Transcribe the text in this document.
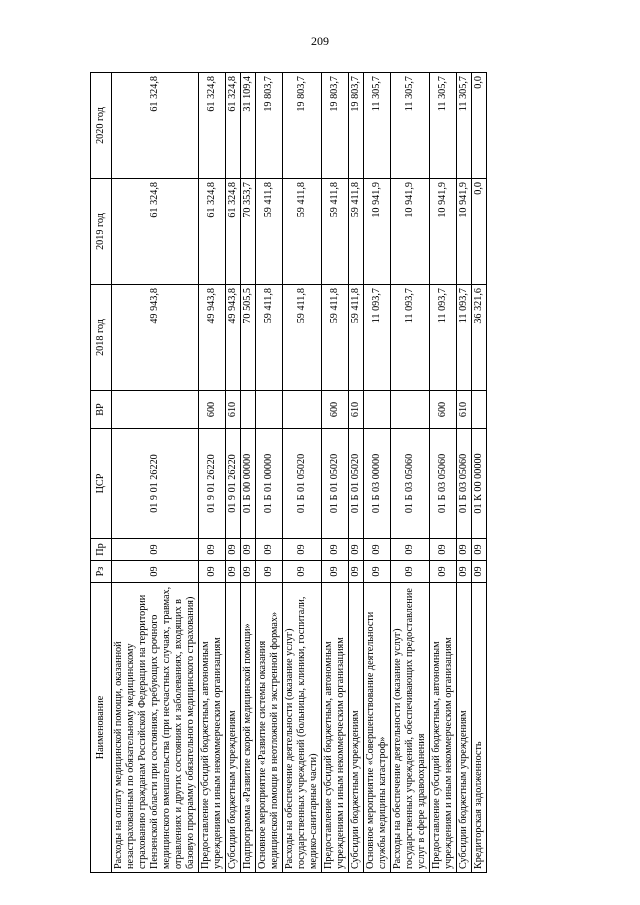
209
Наименование	Рз	Пр	ЦСР	ВР	2018 год	2019 год	2020 год
Расходы на оплату медицинской помощи, оказанной незастрахованным по обязательному медицинскому страхованию гражданам Российской Федерации на территории Пензенской области при состояниях, требующих срочного медицинского вмешательства (при несчастных случаях, травмах, отравлениях и других состояниях и заболеваниях, входящих в базовую программу обязательного медицинского страхования)	09	09	01 9 01 26220		49 943,8	61 324,8	61 324,8
Предоставление субсидий бюджетным, автономным учреждениям и иным некоммерческим организациям	09	09	01 9 01 26220	600	49 943,8	61 324,8	61 324,8
Субсидии бюджетным учреждениям	09	09	01 9 01 26220	610	49 943,8	61 324,8	61 324,8
Подпрограмма «Развитие скорой медицинской помощи»	09	09	01 Б 00 00000		70 505,5	70 353,7	31 109,4
Основное мероприятие «Развитие системы оказания медицинской помощи в неотложной и экстренной формах»	09	09	01 Б 01 00000		59 411,8	59 411,8	19 803,7
Расходы на обеспечение деятельности (оказание услуг) государственных учреждений (больницы, клиники, госпитали, медико-санитарные части)	09	09	01 Б 01 05020		59 411,8	59 411,8	19 803,7
Предоставление субсидий бюджетным, автономным учреждениям и иным некоммерческим организациям	09	09	01 Б 01 05020	600	59 411,8	59 411,8	19 803,7
Субсидии бюджетным учреждениям	09	09	01 Б 01 05020	610	59 411,8	59 411,8	19 803,7
Основное мероприятие «Совершенствование деятельности службы медицины катастроф»	09	09	01 Б 03 00000		11 093,7	10 941,9	11 305,7
Расходы на обеспечение деятельности (оказание услуг) государственных учреждений, обеспечивающих предоставление услуг в сфере здравоохранения	09	09	01 Б 03 05060		11 093,7	10 941,9	11 305,7
Предоставление субсидий бюджетным, автономным учреждениям и иным некоммерческим организациям	09	09	01 Б 03 05060	600	11 093,7	10 941,9	11 305,7
Субсидии бюджетным учреждениям	09	09	01 Б 03 05060	610	11 093,7	10 941,9	11 305,7
Кредиторская задолженность	09	09	01 К 00 00000		36 321,6	0,0	0,0
